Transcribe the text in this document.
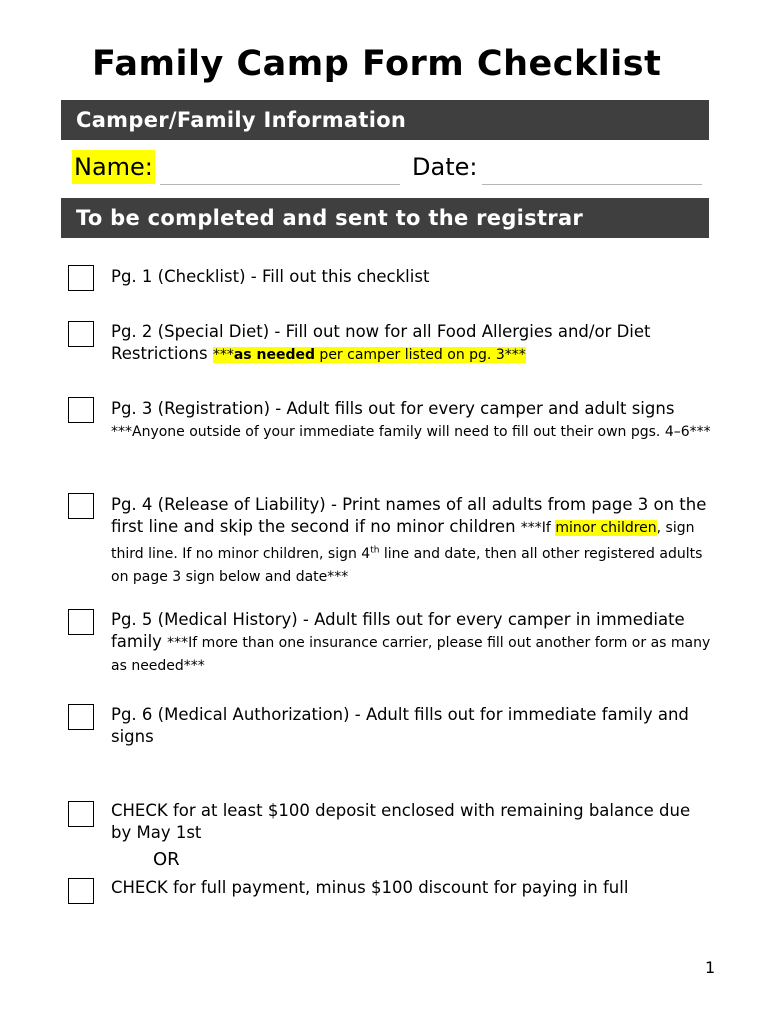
Family Camp Form Checklist
Camper/Family Information
Name:	Date:
To be completed and sent to the registrar
Pg. 1 (Checklist) - Fill out this checklist
Pg. 2 (Special Diet) - Fill out now for all Food Allergies and/or Diet Restrictions ***as needed per camper listed on pg. 3***
Pg. 3 (Registration) - Adult fills out for every camper and adult signs ***Anyone outside of your immediate family will need to fill out their own pgs. 4–6***
Pg. 4 (Release of Liability) - Print names of all adults from page 3 on the first line and skip the second if no minor children ***If minor children, sign third line. If no minor children, sign 4th line and date, then all other registered adults on page 3 sign below and date***
Pg. 5 (Medical History) - Adult fills out for every camper in immediate family ***If more than one insurance carrier, please fill out another form or as many as needed***
Pg. 6 (Medical Authorization) - Adult fills out for immediate family and signs
CHECK for at least $100 deposit enclosed with remaining balance due by May 1st
OR
CHECK for full payment, minus $100 discount for paying in full
1
